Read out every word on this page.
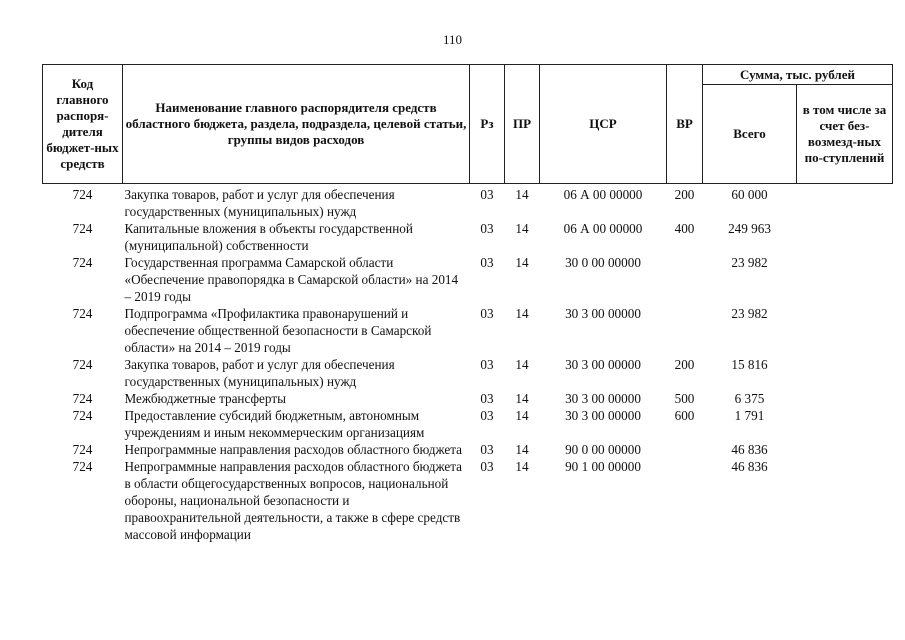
110
Код главного распоря-дителя бюджет-ных средств	Наименование главного распорядителя средств областного бюджета, раздела, подраздела, целевой статьи, группы видов расходов	Рз	ПР	ЦСР	ВР	Сумма, тыс. рублей	
						Всего	в том числе за счет без-возмезд-ных по-ступлений
724	Закупка товаров, работ и услуг для обеспечения государственных (муниципальных) нужд	03	14	06 А 00 00000	200	60 000	
724	Капитальные вложения в объекты государственной (муниципальной) собственности	03	14	06 А 00 00000	400	249 963	
724	Государственная программа Самарской области «Обеспечение правопорядка в Самарской области» на 2014 – 2019 годы	03	14	30 0 00 00000		23 982	
724	Подпрограмма «Профилактика правонарушений и обеспечение общественной безопасности в Самарской области» на 2014 – 2019 годы	03	14	30 3 00 00000		23 982	
724	Закупка товаров, работ и услуг для обеспечения государственных (муниципальных) нужд	03	14	30 3 00 00000	200	15 816	
724	Межбюджетные трансферты	03	14	30 3 00 00000	500	6 375	
724	Предоставление субсидий бюджетным, автономным учреждениям и иным некоммерческим организациям	03	14	30 3 00 00000	600	1 791	
724	Непрограммные направления расходов областного бюджета	03	14	90 0 00 00000		46 836	
724	Непрограммные направления расходов областного бюджета в области общегосударственных вопросов, национальной обороны, национальной безопасности и правоохранительной деятельности, а также в сфере средств массовой информации	03	14	90 1 00 00000		46 836	
